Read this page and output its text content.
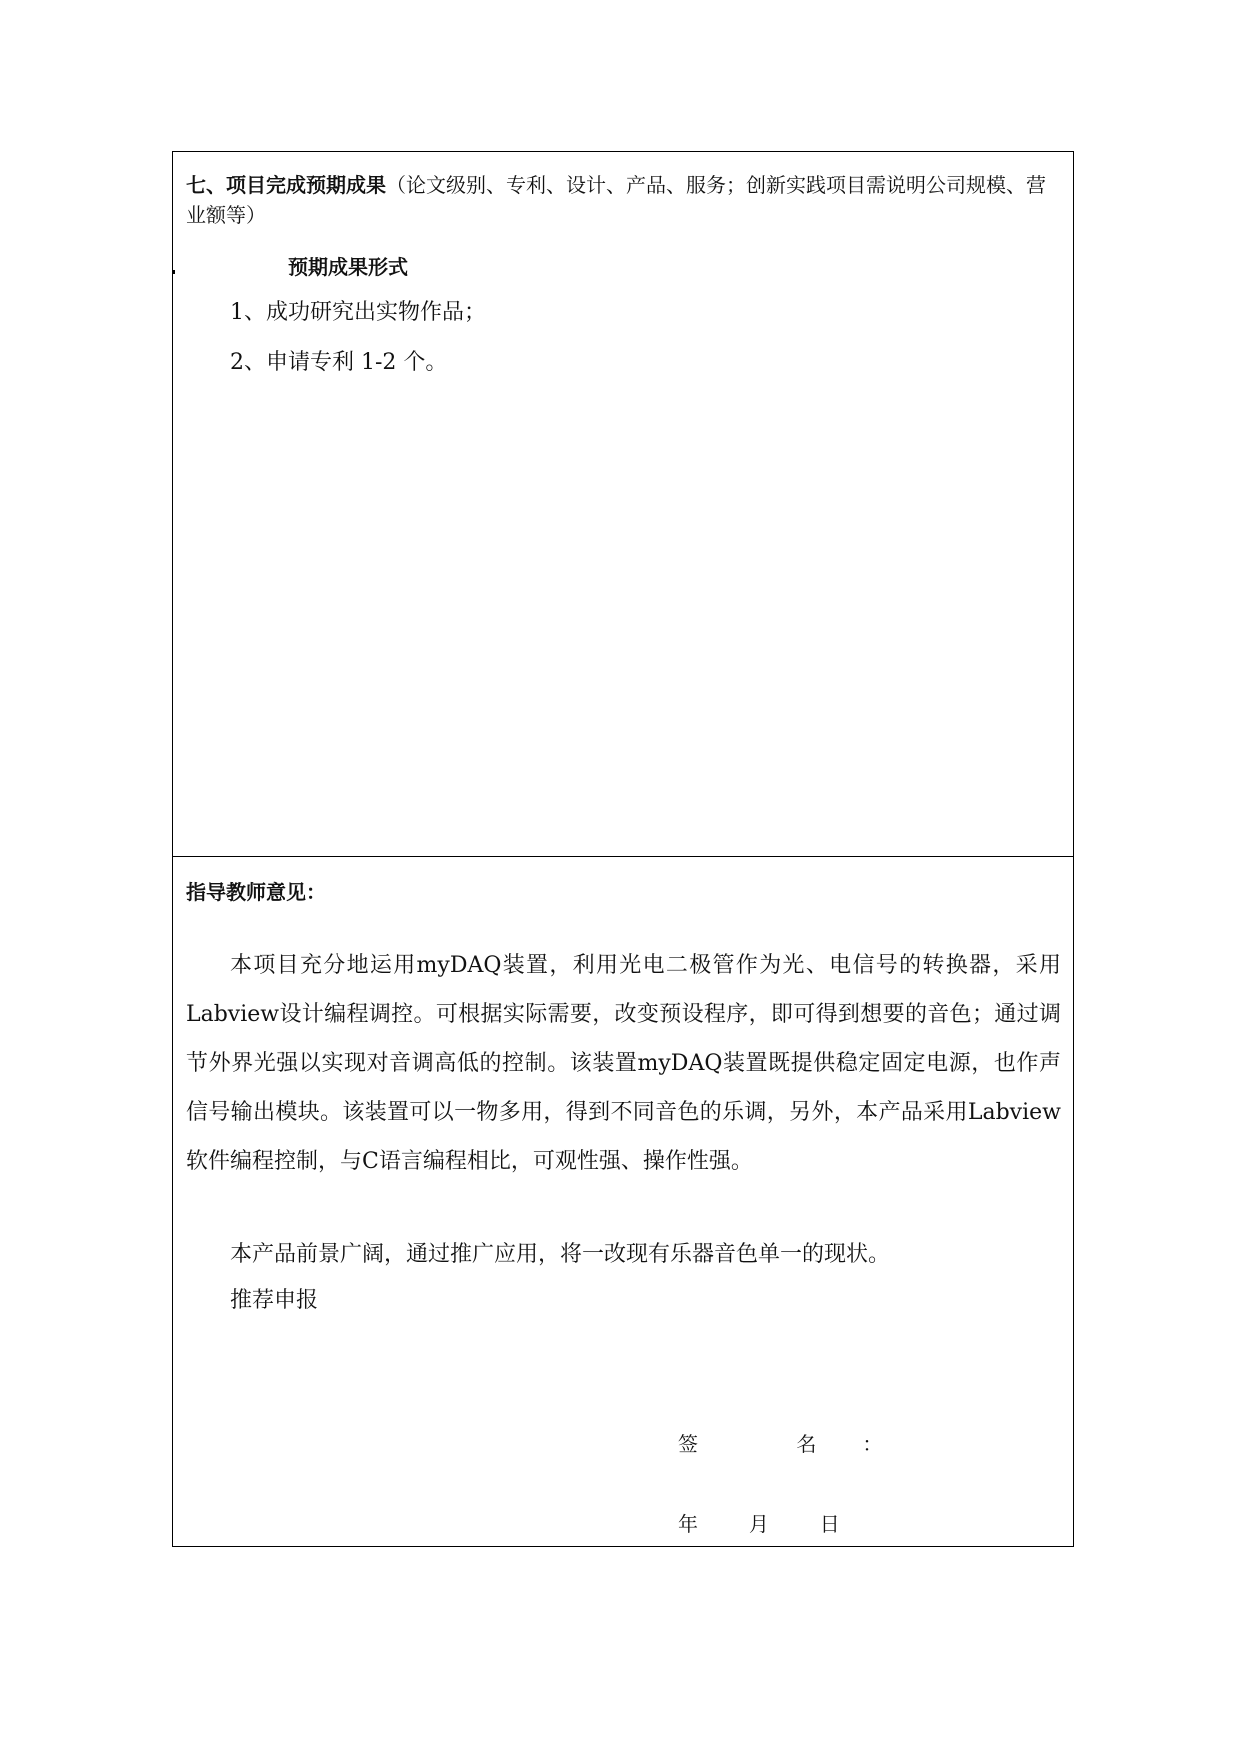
七、项目完成预期成果（论文级别、专利、设计、产品、服务；创新实践项目需说明公司规模、营业额等）
预期成果形式
1、成功研究出实物作品；
2、申请专利 1-2 个。
指导教师意见：

本项目充分地运用myDAQ装置，利用光电二极管作为光、电信号的转换器，采用Labview设计编程调控。可根据实际需要，改变预设程序，即可得到想要的音色；通过调节外界光强以实现对音调高低的控制。该装置myDAQ装置既提供稳定固定电源，也作声信号输出模块。该装置可以一物多用，得到不同音色的乐调，另外，本产品采用Labview软件编程控制，与C语言编程相比，可观性强、操作性强。

本产品前景广阔，通过推广应用，将一改现有乐器音色单一的现状。
推荐申报
签 名：
年        月        日
